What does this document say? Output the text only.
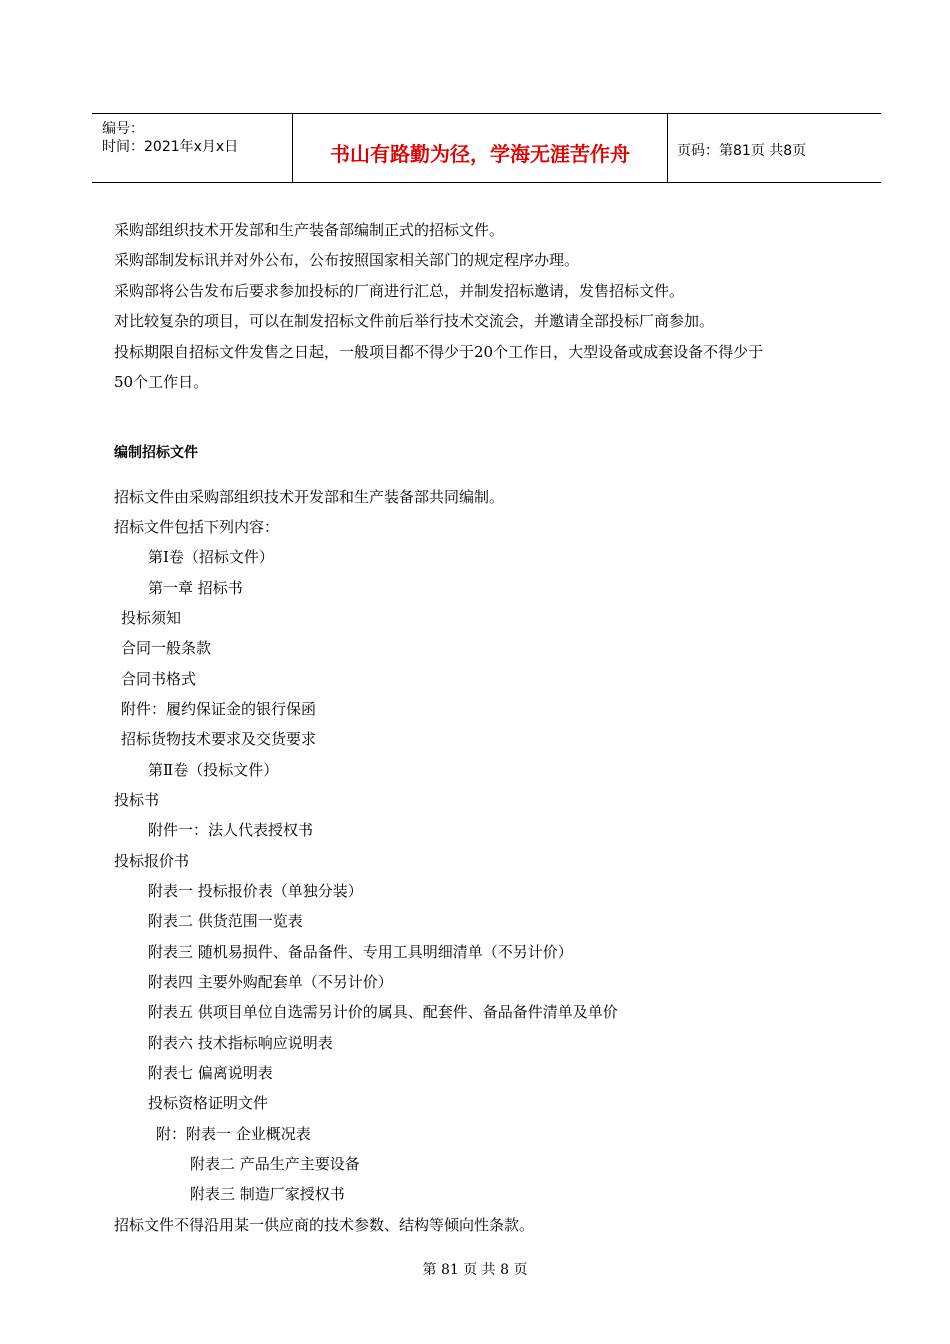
编号：
时间：2021年x月x日	书山有路勤为径，学海无涯苦作舟	页码：第81页 共8页
采购部组织技术开发部和生产装备部编制正式的招标文件。
采购部制发标讯并对外公布，公布按照国家相关部门的规定程序办理。
采购部将公告发布后要求参加投标的厂商进行汇总，并制发招标邀请，发售招标文件。
对比较复杂的项目，可以在制发招标文件前后举行技术交流会，并邀请全部投标厂商参加。
投标期限自招标文件发售之日起，一般项目都不得少于20个工作日，大型设备或成套设备不得少于
50个工作日。
编制招标文件
招标文件由采购部组织技术开发部和生产装备部共同编制。
招标文件包括下列内容：
第Ⅰ卷（招标文件）
第一章 招标书
投标须知
合同一般条款
合同书格式
附件：履约保证金的银行保函
招标货物技术要求及交货要求
第Ⅱ卷（投标文件）
投标书
附件一：法人代表授权书
投标报价书
附表一 投标报价表（单独分装）
附表二 供货范围一览表
附表三 随机易损件、备品备件、专用工具明细清单（不另计价）
附表四 主要外购配套单（不另计价）
附表五 供项目单位自选需另计价的属具、配套件、备品备件清单及单价
附表六 技术指标响应说明表
附表七 偏离说明表
投标资格证明文件
附：附表一 企业概况表
附表二 产品生产主要设备
附表三 制造厂家授权书
招标文件不得沿用某一供应商的技术参数、结构等倾向性条款。
第 81 页 共 8 页
